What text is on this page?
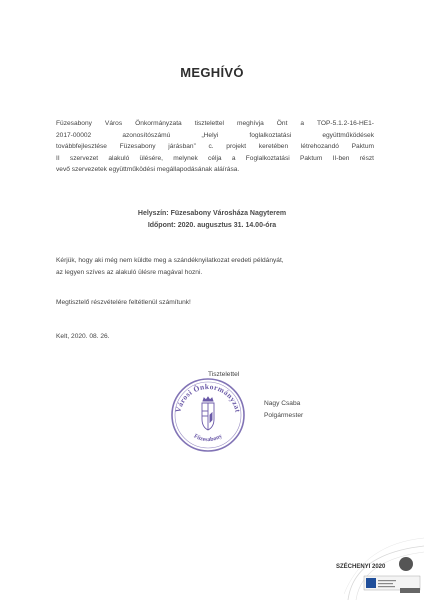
MEGHÍVÓ
Füzesabony Város Önkormányzata tisztelettel meghívja Önt a TOP-5.1.2-16-HE1-
2017-00002 azonosítószámú „Helyi foglalkoztatási együttműködések
továbbfejlesztése Füzesabony járásban” c. projekt keretében létrehozandó Paktum
II szervezet alakuló ülésére, melynek célja a Foglalkoztatási Paktum II-ben részt
vevő szervezetek együttműködési megállapodásának aláírása.
Helyszín: Füzesabony Városháza Nagyterem
Időpont: 2020. augusztus 31. 14.00-óra
Kérjük, hogy aki még nem küldte meg a szándéknyilatkozat eredeti példányát,
az legyen szíves az alakuló ülésre magával hozni.
Megtisztelő részvételére feltétlenül számítunk!
Kelt, 2020. 08. 26.
Tisztelettel
Városi Önkormányzat
Füzesabony
Nagy Csaba
Polgármester
SZÉCHENYI 2020
